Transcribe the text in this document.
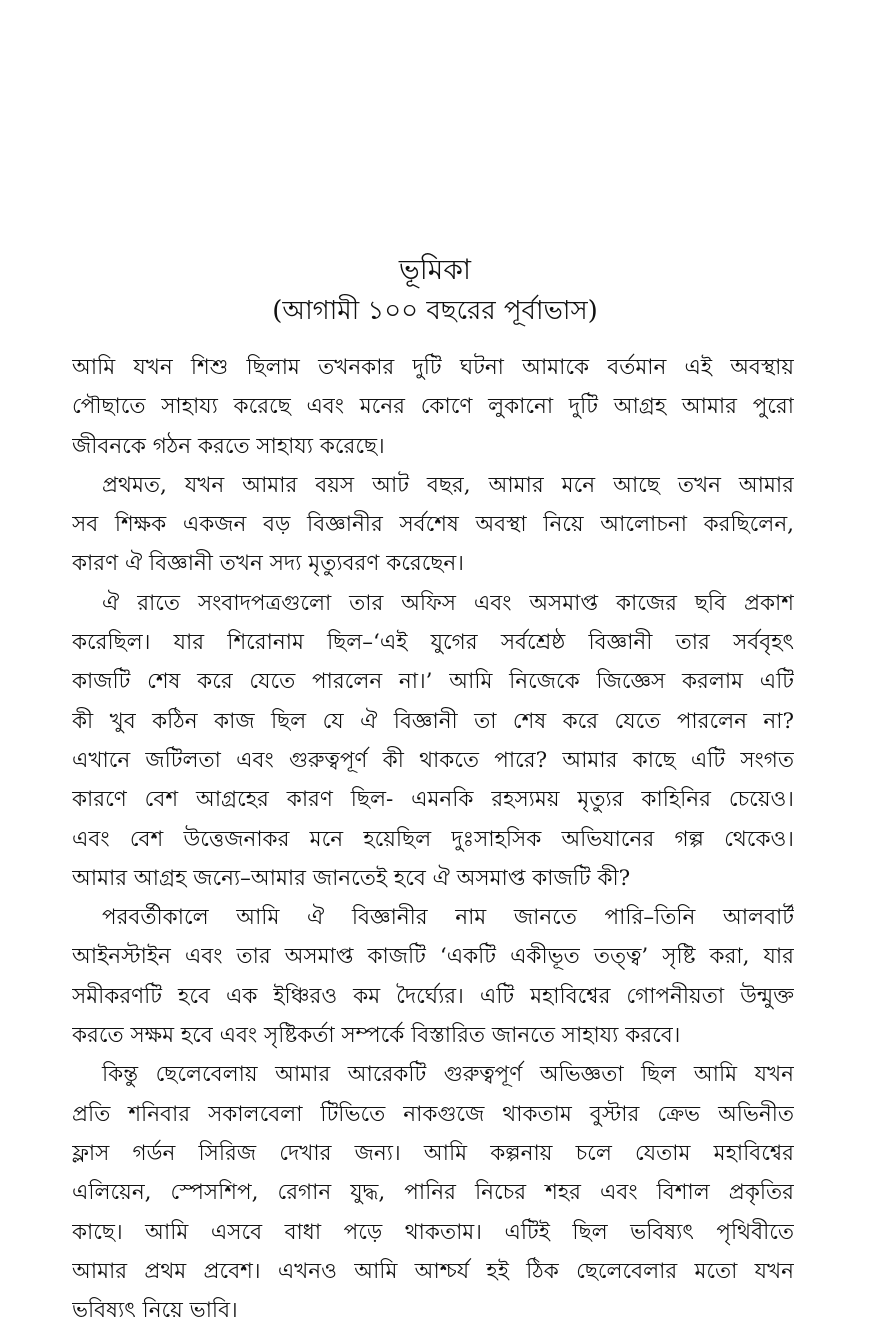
ভূমিকা
(আগামী ১০০ বছরের পূর্বাভাস)
আমি যখন শিশু ছিলাম তখনকার দুটি ঘটনা আমাকে বর্তমান এই অবস্থায়
পৌছাতে সাহায্য করেছে এবং মনের কোণে লুকানো দুটি আগ্রহ আমার পুরো
জীবনকে গঠন করতে সাহায্য করেছে।
প্রথমত, যখন আমার বয়স আট বছর, আমার মনে আছে তখন আমার
সব শিক্ষক একজন বড় বিজ্ঞানীর সর্বশেষ অবস্থা নিয়ে আলোচনা করছিলেন,
কারণ ঐ বিজ্ঞানী তখন সদ্য মৃত্যুবরণ করেছেন।
ঐ রাতে সংবাদপত্রগুলো তার অফিস এবং অসমাপ্ত কাজের ছবি প্রকাশ
করেছিল। যার শিরোনাম ছিল–‘এই যুগের সর্বশ্রেষ্ঠ বিজ্ঞানী তার সর্ববৃহৎ
কাজটি শেষ করে যেতে পারলেন না।’ আমি নিজেকে জিজ্ঞেস করলাম এটি
কী খুব কঠিন কাজ ছিল যে ঐ বিজ্ঞানী তা শেষ করে যেতে পারলেন না?
এখানে জটিলতা এবং গুরুত্বপূর্ণ কী থাকতে পারে? আমার কাছে এটি সংগত
কারণে বেশ আগ্রহের কারণ ছিল- এমনকি রহস্যময় মৃত্যুর কাহিনির চেয়েও।
এবং বেশ উত্তেজনাকর মনে হয়েছিল দুঃসাহসিক অভিযানের গল্প থেকেও।
আমার আগ্রহ জন্যে–আমার জানতেই হবে ঐ অসমাপ্ত কাজটি কী?
পরবর্তীকালে আমি ঐ বিজ্ঞানীর নাম জানতে পারি–তিনি আলবার্ট
আইনস্টাইন এবং তার অসমাপ্ত কাজটি ‘একটি একীভূত তত্ত্ব’ সৃষ্টি করা, যার
সমীকরণটি হবে এক ইঞ্চিরও কম দৈর্ঘ্যের। এটি মহাবিশ্বের গোপনীয়তা উন্মুক্ত
করতে সক্ষম হবে এবং সৃষ্টিকর্তা সম্পর্কে বিস্তারিত জানতে সাহায্য করবে।
কিন্তু ছেলেবেলায় আমার আরেকটি গুরুত্বপূর্ণ অভিজ্ঞতা ছিল আমি যখন
প্রতি শনিবার সকালবেলা টিভিতে নাকগুজে থাকতাম বুস্টার ক্রেভ অভিনীত
ফ্লাস গর্ডন সিরিজ দেখার জন্য। আমি কল্পনায় চলে যেতাম মহাবিশ্বের
এলিয়েন, স্পেসশিপ, রেগান যুদ্ধ, পানির নিচের শহর এবং বিশাল প্রকৃতির
কাছে। আমি এসবে বাধা পড়ে থাকতাম। এটিই ছিল ভবিষ্যৎ পৃথিবীতে
আমার প্রথম প্রবেশ। এখনও আমি আশ্চর্য হই ঠিক ছেলেবেলার মতো যখন
ভবিষ্যৎ নিয়ে ভাবি।
